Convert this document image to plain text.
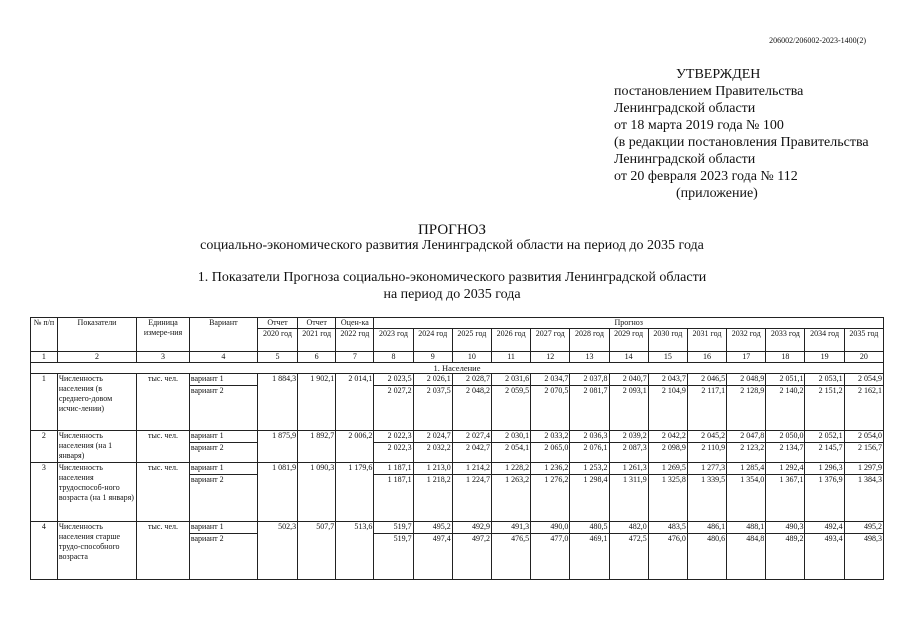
206002/206002-2023-1400(2)
УТВЕРЖДЕН
постановлением Правительства
Ленинградской области
от 18 марта 2019 года № 100
(в редакции постановления Правительства
Ленинградской области
от 20 февраля 2023 года № 112
(приложение)
ПРОГНОЗ
социально-экономического развития Ленинградской области на период до 2035 года
1. Показатели Прогноза социально-экономического развития Ленинградской области
на период до 2035 года
№ п/п	Показатели	Единица измере-ния	Вариант	Отчет	Отчет	Оцен-ка	Прогноз												
				2020 год	2021 год	2022 год	2023 год	2024 год	2025 год	2026 год	2027 год	2028 год	2029 год	2030 год	2031 год	2032 год	2033 год	2034 год	2035 год
1	2	3	4	5	6	7	8	9	10	11	12	13	14	15	16	17	18	19	20
1. Население																			
1	Численность населения (в среднего-довом исчис-лении)	тыс. чел.	вариант 1	1 884,3	1 902,1	2 014,1	2 023,5	2 026,1	2 028,7	2 031,6	2 034,7	2 037,8	2 040,7	2 043,7	2 046,5	2 048,9	2 051,1	2 053,1	2 054,9
			вариант 2				2 027,2	2 037,5	2 048,2	2 059,5	2 070,5	2 081,7	2 093,1	2 104,9	2 117,1	2 128,9	2 140,2	2 151,2	2 162,1
2	Численность населения (на 1 января)	тыс. чел.	вариант 1	1 875,9	1 892,7	2 006,2	2 022,3	2 024,7	2 027,4	2 030,1	2 033,2	2 036,3	2 039,2	2 042,2	2 045,2	2 047,8	2 050,0	2 052,1	2 054,0
			вариант 2				2 022,3	2 032,2	2 042,7	2 054,1	2 065,0	2 076,1	2 087,3	2 098,9	2 110,9	2 123,2	2 134,7	2 145,7	2 156,7
3	Численность населения трудоспособ-ного возраста (на 1 января)	тыс. чел.	вариант 1	1 081,9	1 090,3	1 179,6	1 187,1	1 213,0	1 214,2	1 228,2	1 236,2	1 253,2	1 261,3	1 269,5	1 277,3	1 285,4	1 292,4	1 296,3	1 297,9
			вариант 2				1 187,1	1 218,2	1 224,7	1 263,2	1 276,2	1 298,4	1 311,9	1 325,8	1 339,5	1 354,0	1 367,1	1 376,9	1 384,3
4	Численность населения старше трудо-способного возраста	тыс. чел.	вариант 1	502,3	507,7	513,6	519,7	495,2	492,9	491,3	490,0	480,5	482,0	483,5	486,1	488,1	490,3	492,4	495,2
			вариант 2				519,7	497,4	497,2	476,5	477,0	469,1	472,5	476,0	480,6	484,8	489,2	493,4	498,3
